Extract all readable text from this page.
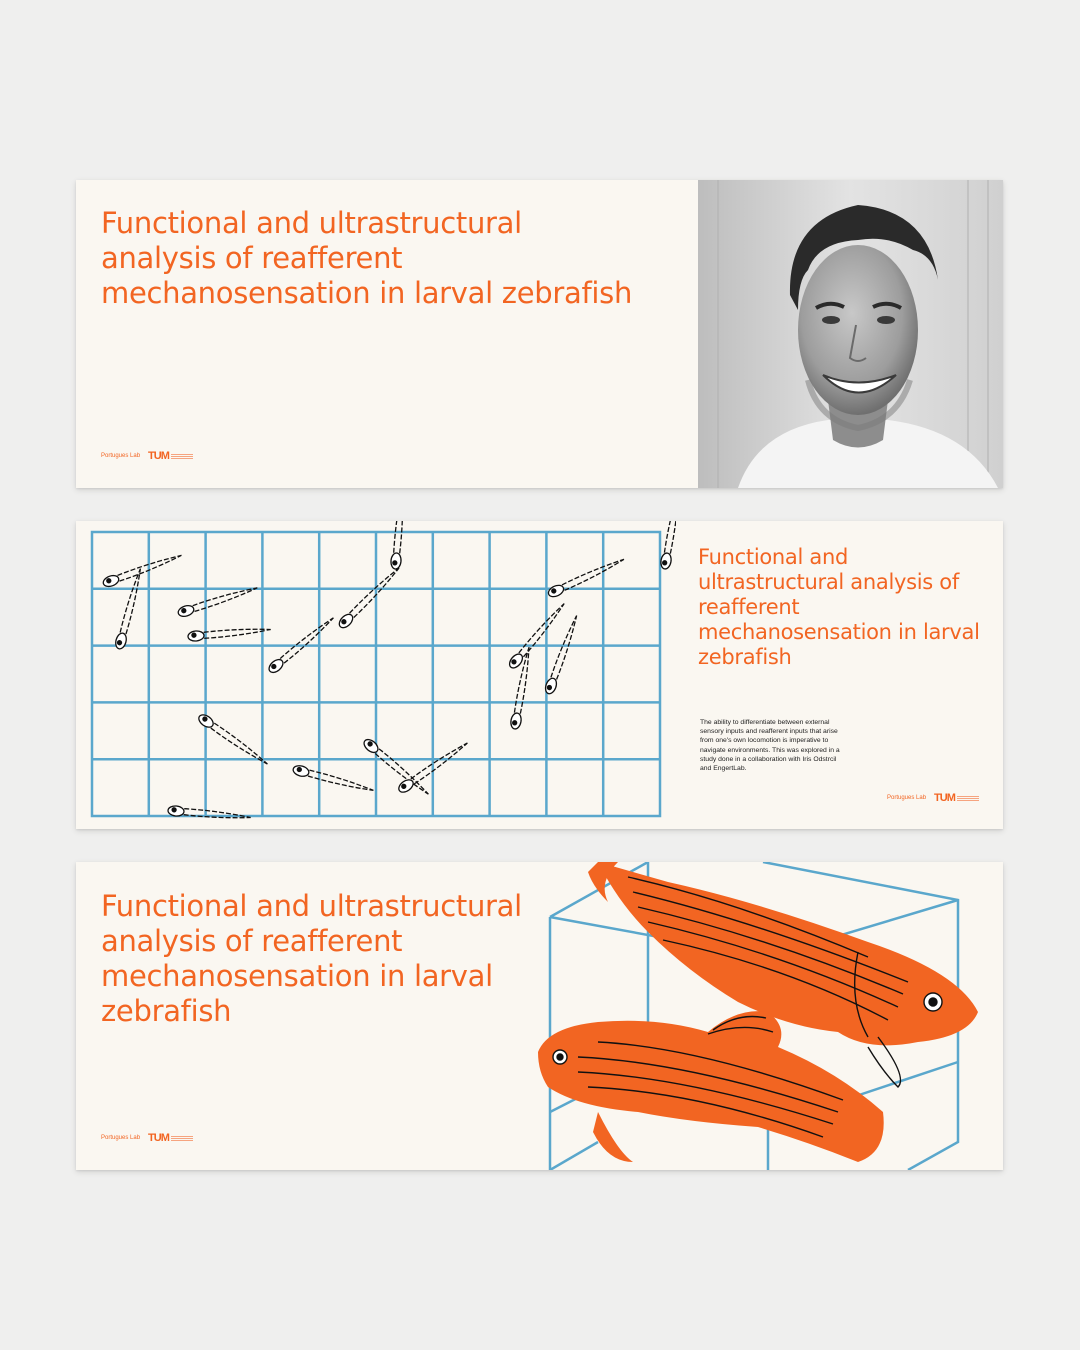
Functional and ultrastructural analysis of reafferent mechanosensation in larval zebrafish
Portugues Lab TUM
Functional and ultrastructural analysis of reafferent mechanosensation in larval zebrafish

The ability to differentiate between external sensory inputs and reafferent inputs that arise from one's own locomotion is imperative to navigate environments. This was explored in a study done in a collaboration with Iris Odstrcil and EngertLab.

Portugues Lab TUM
Functional and ultrastructural analysis of reafferent mechanosensation in larval zebrafish
Portugues Lab TUM
